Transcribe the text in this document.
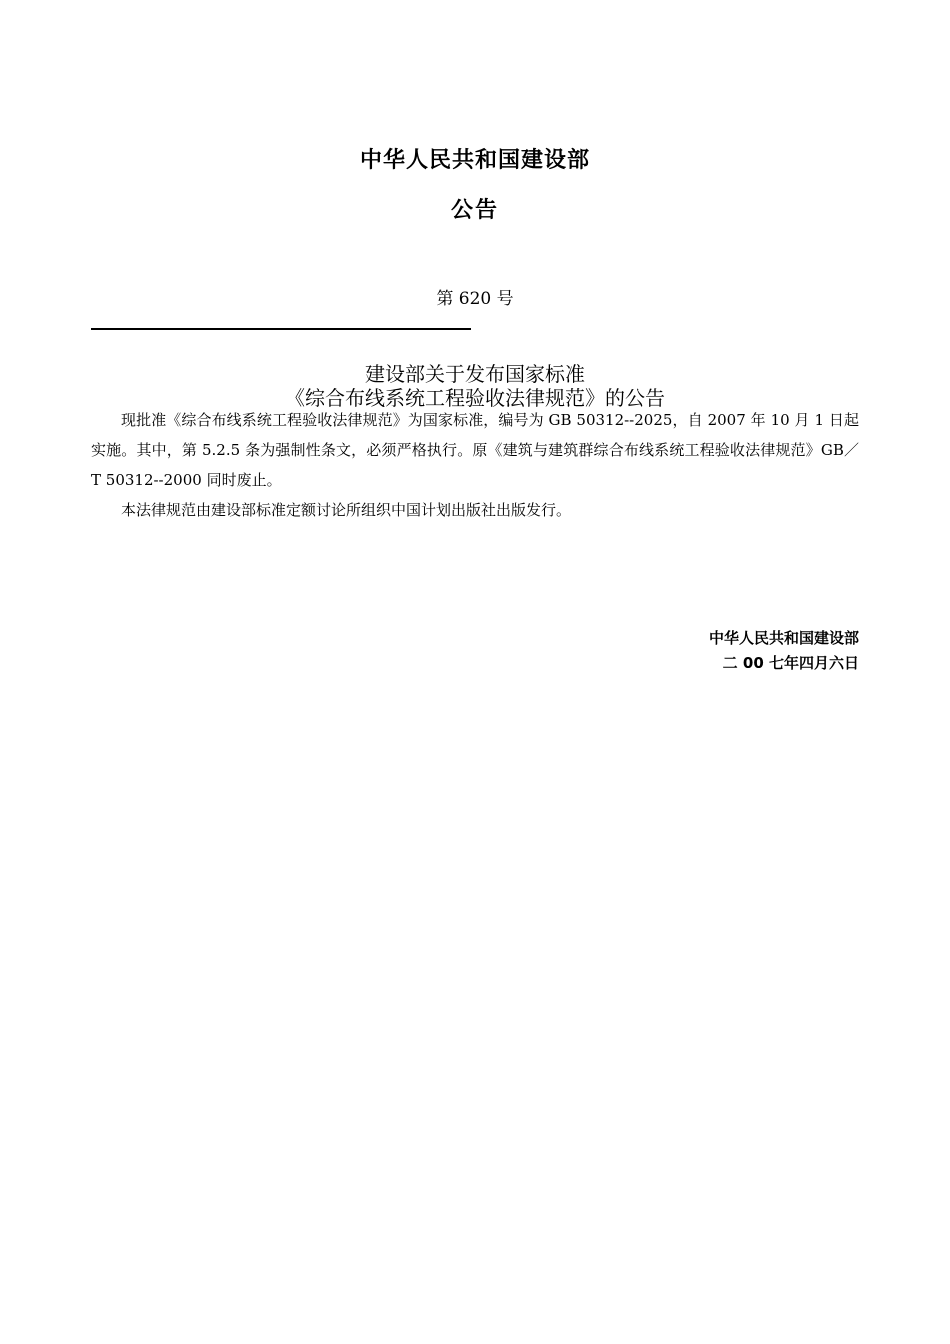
中华人民共和国建设部
公告
第 620 号
建设部关于发布国家标准
《综合布线系统工程验收法律规范》的公告

现批准《综合布线系统工程验收法律规范》为国家标准，编号为 GB 50312--2025，自 2007 年 10 月 1 日起实施。其中，第 5.2.5 条为强制性条文，必须严格执行。原《建筑与建筑群综合布线系统工程验收法律规范》GB／T 50312--2000 同时废止。

本法律规范由建设部标准定额讨论所组织中国计划出版社出版发行。

中华人民共和国建设部
二 00 七年四月六日
